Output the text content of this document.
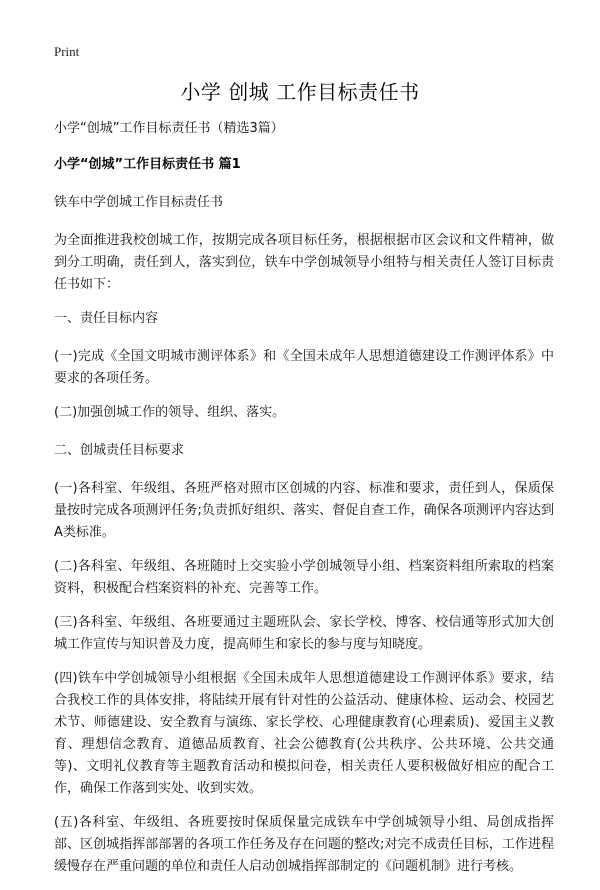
Print
小学 创城 工作目标责任书

小学“创城”工作目标责任书（精选3篇）

小学“创城”工作目标责任书 篇1

铁车中学创城工作目标责任书

为全面推进我校创城工作，按期完成各项目标任务，根据根据市区会议和文件精神，做到分工明确，责任到人，落实到位，铁车中学创城领导小组特与相关责任人签订目标责任书如下：

一、责任目标内容

(一)完成《全国文明城市测评体系》和《全国未成年人思想道德建设工作测评体系》中要求的各项任务。

(二)加强创城工作的领导、组织、落实。

二、创城责任目标要求

(一)各科室、年级组、各班严格对照市区创城的内容、标准和要求，责任到人，保质保量按时完成各项测评任务;负责抓好组织、落实、督促自查工作，确保各项测评内容达到A类标准。

(二)各科室、年级组、各班随时上交实验小学创城领导小组、档案资料组所索取的档案资料，积极配合档案资料的补充、完善等工作。

(三)各科室、年级组、各班要通过主题班队会、家长学校、博客、校信通等形式加大创城工作宣传与知识普及力度，提高师生和家长的参与度与知晓度。

(四)铁车中学创城领导小组根据《全国未成年人思想道德建设工作测评体系》要求，结合我校工作的具体安排，将陆续开展有针对性的公益活动、健康体检、运动会、校园艺术节、师德建设、安全教育与演练、家长学校、心理健康教育(心理素质)、爱国主义教育、理想信念教育、道德品质教育、社会公德教育(公共秩序、公共环境、公共交通等)、文明礼仪教育等主题教育活动和模拟问卷，相关责任人要积极做好相应的配合工作，确保工作落到实处、收到实效。

(五)各科室、年级组、各班要按时保质保量完成铁车中学创城领导小组、局创成指挥部、区创城指挥部部署的各项工作任务及存在问题的整改;对完不成责任目标，工作进程缓慢存在严重问题的单位和责任人启动创城指挥部制定的《问题机制》进行考核。
